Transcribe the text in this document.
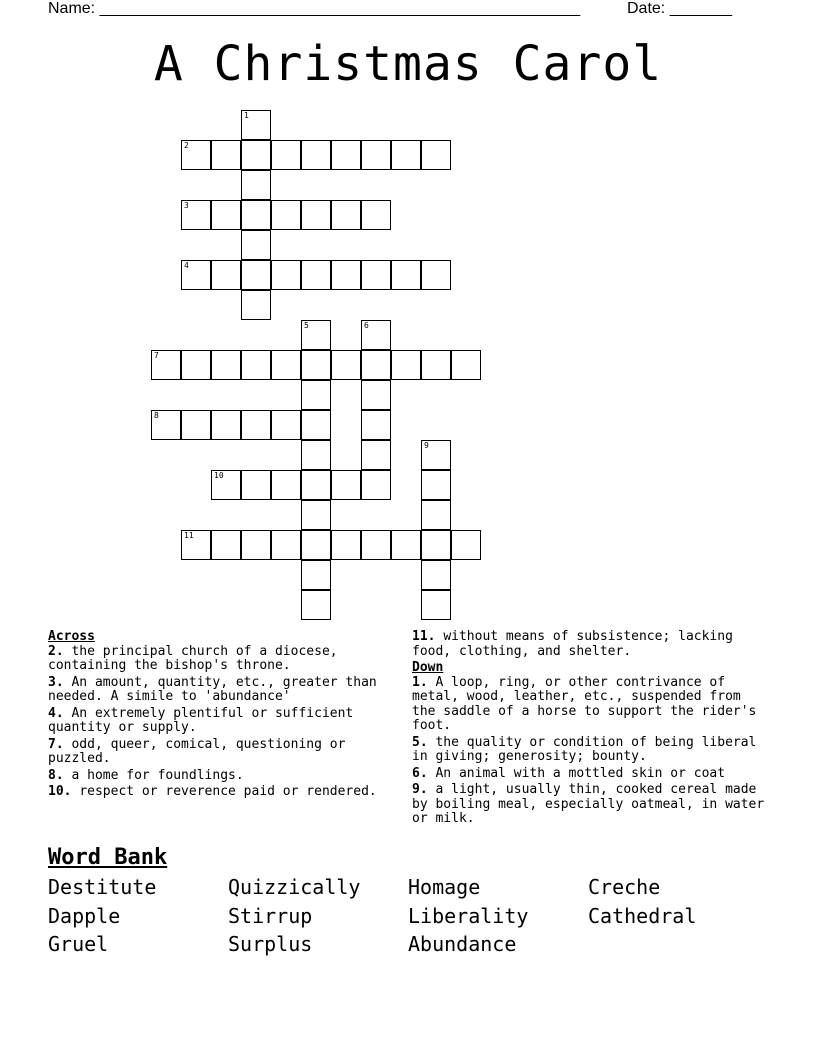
Name: ______________________________________________________	Date: _______
A Christmas Carol
1
2
3
4
5	6
7
8
9
10
11

Across

2. the principal church of a diocese, containing the bishop's throne.
3. An amount, quantity, etc., greater than needed. A simile to 'abundance'
4. An extremely plentiful or sufficient quantity or supply.
7. odd, queer, comical, questioning or puzzled.
8. a home for foundlings.
10. respect or reverence paid or rendered.
11. without means of subsistence; lacking food, clothing, and shelter.

Down

1. A loop, ring, or other contrivance of metal, wood, leather, etc., suspended from the saddle of a horse to support the rider's foot.
5. the quality or condition of being liberal in giving; generosity; bounty.
6. An animal with a mottled skin or coat
9. a light, usually thin, cooked cereal made by boiling meal, especially oatmeal, in water or milk.
Word Bank
Destitute	Quizzically Homage	Creche
Dapple	Stirrup	Liberality	Cathedral
Gruel	Surplus	Abundance
